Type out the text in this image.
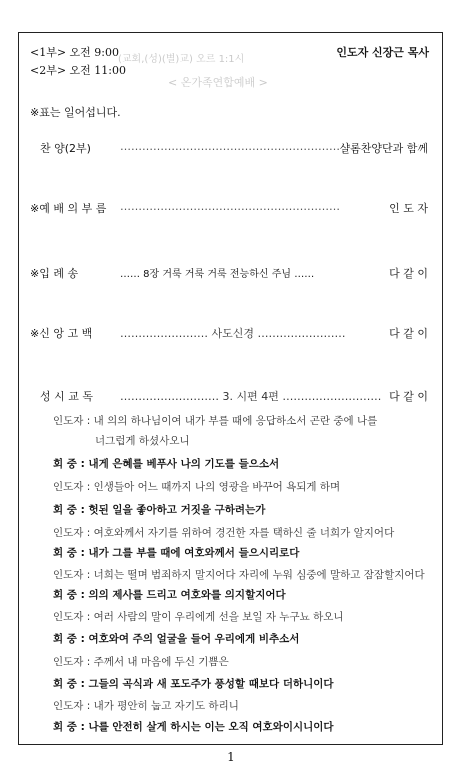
<1부> 오전 9:00
<2부> 오전 11:00
(교회,(성)(별)교) 오르 1:1시
< 온가족연합예배 >
인도자 신장근 목사
※표는 일어섭니다.
찬 양(2부)	…………………………………………………… 샬롬찬양단과 함께
※예 배 의 부 름 ……………………………………………………	인 도 자
※입 례 송	…… 8장 거룩 거룩 거룩 전능하신 주님 ……	다 같 이
※신 앙 고 백	…………………… 사도신경 ……………………	다 같 이
성 시 교 독 ……………………… 3. 시편 4편 ……………………… 다 같 이
인도자 : 내 의의 하나님이여 내가 부를 때에 응답하소서 곤란 중에 나를
너그럽게 하셨사오니
회 중 : 내게 은혜를 베푸사 나의 기도를 들으소서
인도자 : 인생들아 어느 때까지 나의 영광을 바꾸어 욕되게 하며
회 중 : 헛된 일을 좋아하고 거짓을 구하려는가
인도자 : 여호와께서 자기를 위하여 경건한 자를 택하신 줄 너희가 알지어다
회 중 : 내가 그를 부를 때에 여호와께서 들으시리로다
인도자 : 너희는 떨며 범죄하지 말지어다 자리에 누워 심중에 말하고 잠잠할지어다
회 중 : 의의 제사를 드리고 여호와를 의지할지어다
인도자 : 여러 사람의 말이 우리에게 선을 보일 자 누구뇨 하오니
회 중 : 여호와여 주의 얼굴을 들어 우리에게 비추소서
인도자 : 주께서 내 마음에 두신 기쁨은
회 중 : 그들의 곡식과 새 포도주가 풍성할 때보다 더하니이다
인도자 : 내가 평안히 눕고 자기도 하리니
회 중 : 나를 안전히 살게 하시는 이는 오직 여호와이시니이다
1
